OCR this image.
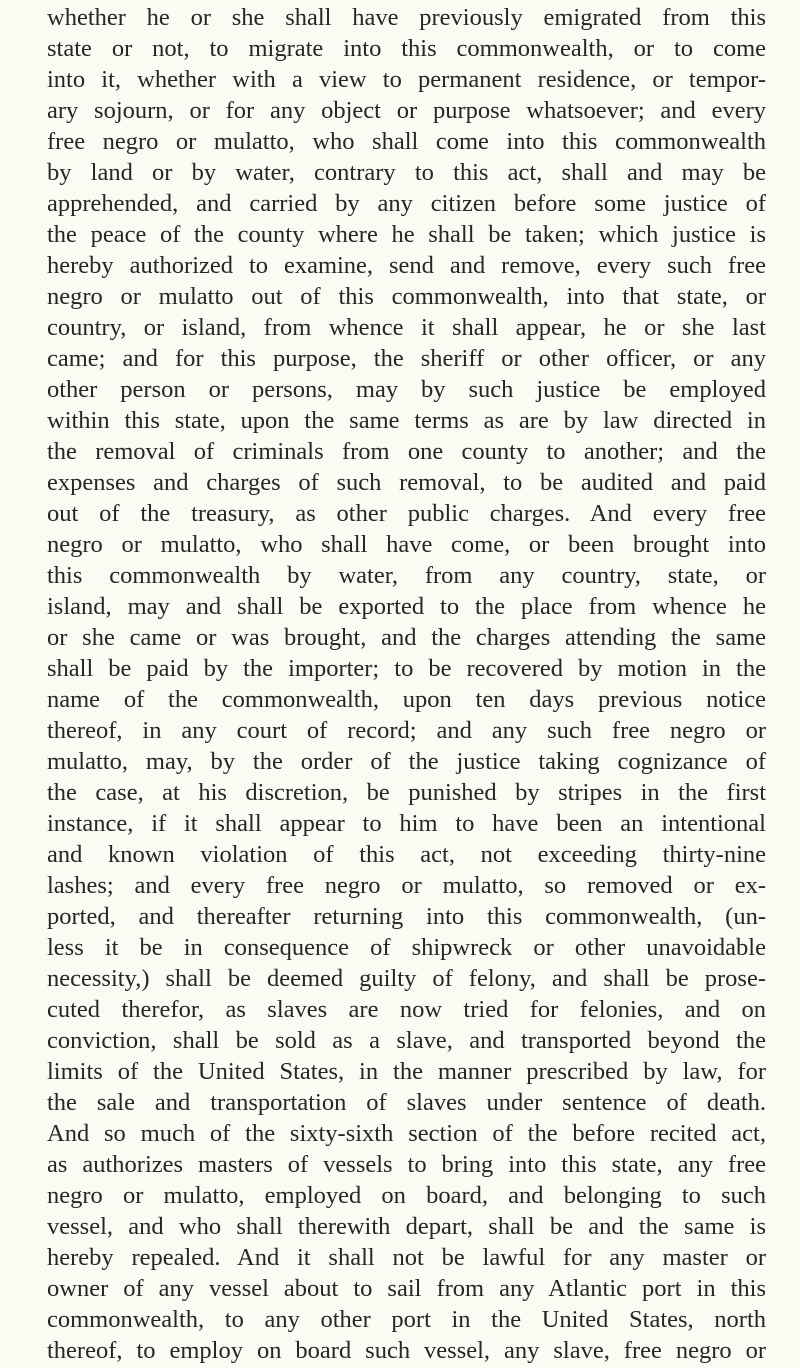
whether he or she shall have previously emigrated from this
state or not, to migrate into this commonwealth, or to come
into it, whether with a view to permanent residence, or tempor-
ary sojourn, or for any object or purpose whatsoever; and every
free negro or mulatto, who shall come into this commonwealth
by land or by water, contrary to this act, shall and may be
apprehended, and carried by any citizen before some justice of
the peace of the county where he shall be taken; which justice is
hereby authorized to examine, send and remove, every such free
negro or mulatto out of this commonwealth, into that state, or
country, or island, from whence it shall appear, he or she last
came; and for this purpose, the sheriff or other officer, or any
other person or persons, may by such justice be employed
within this state, upon the same terms as are by law directed in
the removal of criminals from one county to another; and the
expenses and charges of such removal, to be audited and paid
out of the treasury, as other public charges. And every free
negro or mulatto, who shall have come, or been brought into
this commonwealth by water, from any country, state, or
island, may and shall be exported to the place from whence he
or she came or was brought, and the charges attending the same
shall be paid by the importer; to be recovered by motion in the
name of the commonwealth, upon ten days previous notice
thereof, in any court of record; and any such free negro or
mulatto, may, by the order of the justice taking cognizance of
the case, at his discretion, be punished by stripes in the first
instance, if it shall appear to him to have been an intentional
and known violation of this act, not exceeding thirty-nine
lashes; and every free negro or mulatto, so removed or ex-
ported, and thereafter returning into this commonwealth, (un-
less it be in consequence of shipwreck or other unavoidable
necessity,) shall be deemed guilty of felony, and shall be prose-
cuted therefor, as slaves are now tried for felonies, and on
conviction, shall be sold as a slave, and transported beyond the
limits of the United States, in the manner prescribed by law, for
the sale and transportation of slaves under sentence of death.
And so much of the sixty-sixth section of the before recited act,
as authorizes masters of vessels to bring into this state, any free
negro or mulatto, employed on board, and belonging to such
vessel, and who shall therewith depart, shall be and the same is
hereby repealed. And it shall not be lawful for any master or
owner of any vessel about to sail from any Atlantic port in this
commonwealth, to any other port in the United States, north
thereof, to employ on board such vessel, any slave, free negro or
